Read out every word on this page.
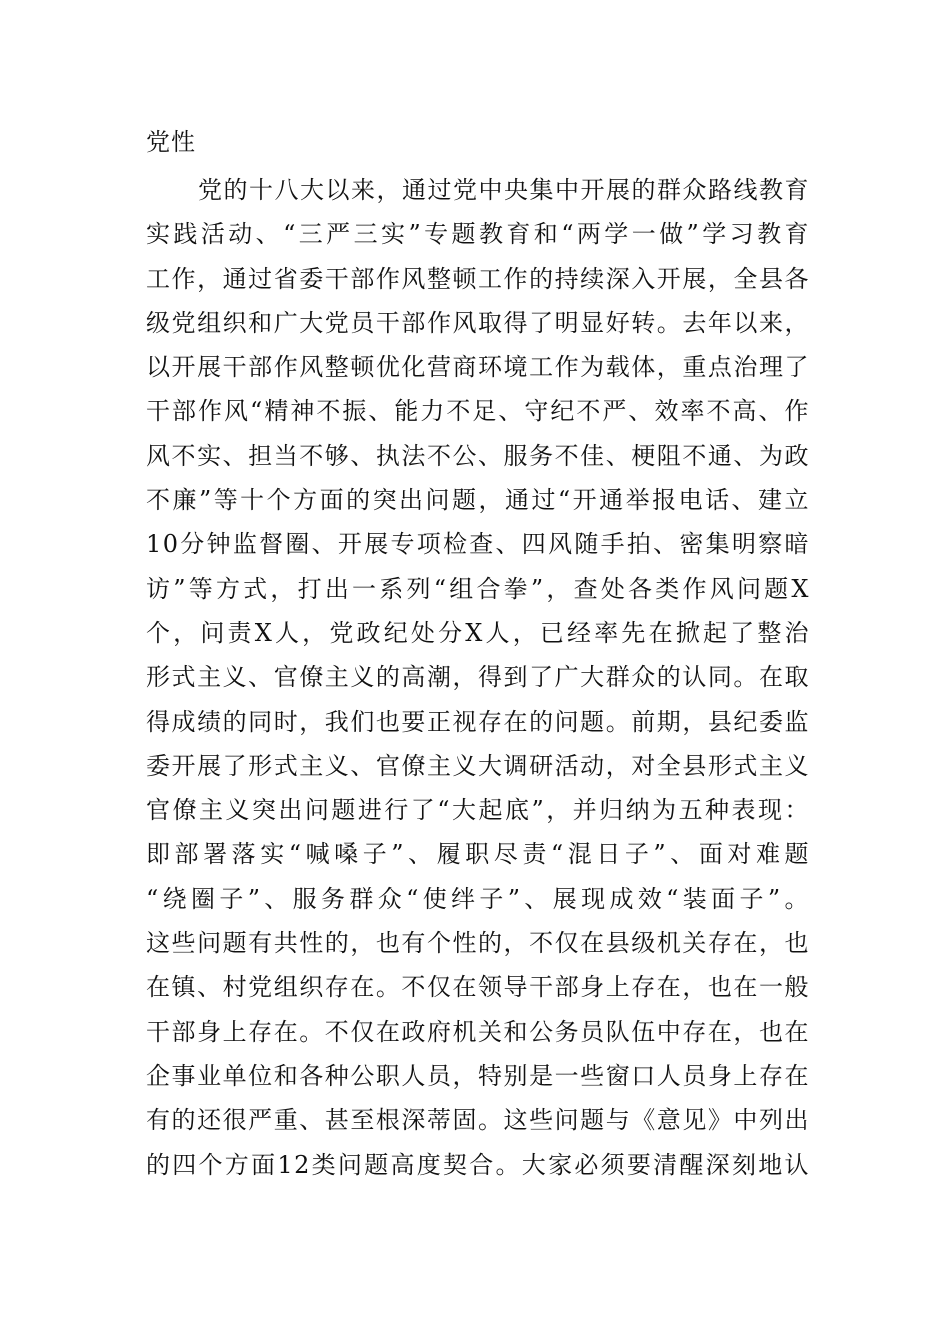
党性
党的十八大以来，通过党中央集中开展的群众路线教育
实践活动、“三严三实”专题教育和“两学一做”学习教育
工作，通过省委干部作风整顿工作的持续深入开展，全县各
级党组织和广大党员干部作风取得了明显好转。去年以来，
以开展干部作风整顿优化营商环境工作为载体，重点治理了
干部作风“精神不振、能力不足、守纪不严、效率不高、作
风不实、担当不够、执法不公、服务不佳、梗阻不通、为政
不廉”等十个方面的突出问题，通过“开通举报电话、建立
10分钟监督圈、开展专项检查、四风随手拍、密集明察暗
访”等方式，打出一系列“组合拳”，查处各类作风问题X
个，问责X人，党政纪处分X人，已经率先在掀起了整治
形式主义、官僚主义的高潮，得到了广大群众的认同。在取
得成绩的同时，我们也要正视存在的问题。前期，县纪委监
委开展了形式主义、官僚主义大调研活动，对全县形式主义
官僚主义突出问题进行了“大起底”，并归纳为五种表现：
即部署落实“喊嗓子”、履职尽责“混日子”、面对难题
“绕圈子”、服务群众“使绊子”、展现成效“装面子”。
这些问题有共性的，也有个性的，不仅在县级机关存在，也
在镇、村党组织存在。不仅在领导干部身上存在，也在一般
干部身上存在。不仅在政府机关和公务员队伍中存在，也在
企事业单位和各种公职人员，特别是一些窗口人员身上存在
有的还很严重、甚至根深蒂固。这些问题与《意见》中列出
的四个方面12类问题高度契合。大家必须要清醒深刻地认
